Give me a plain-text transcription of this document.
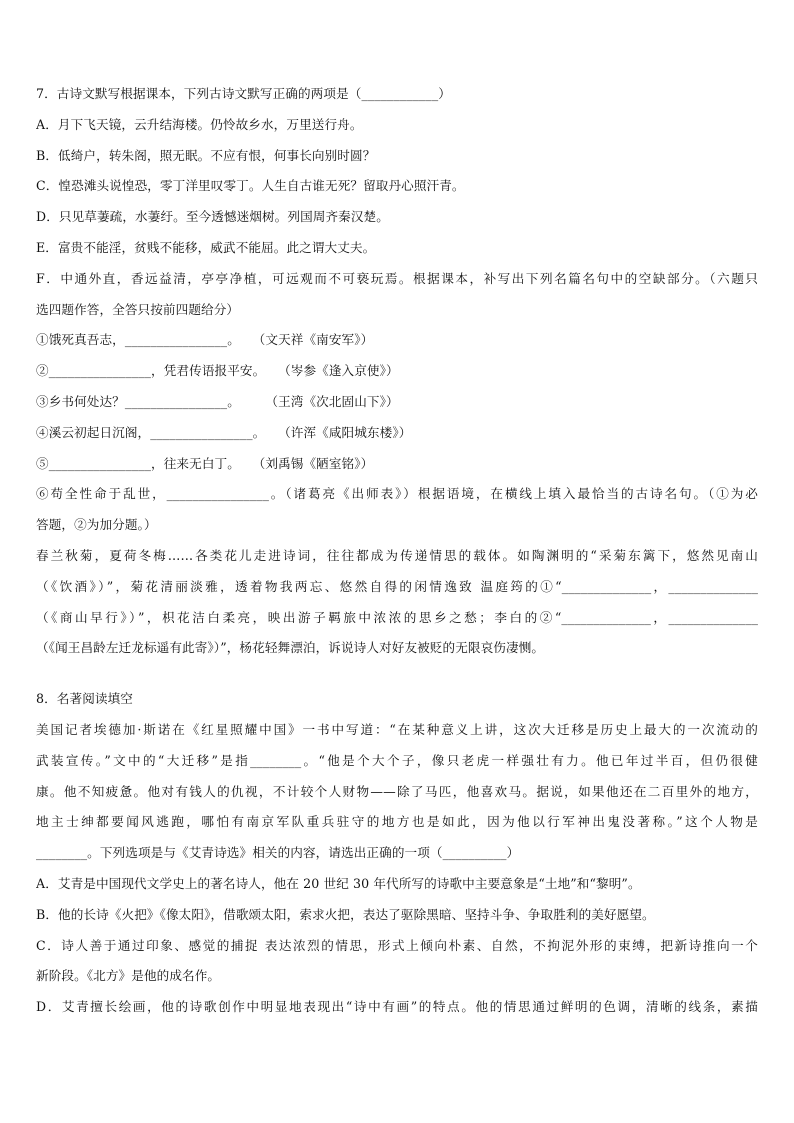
7．古诗文默写根据课本，下列古诗文默写正确的两项是（____________）
A．月下飞天镜，云升结海楼。仍怜故乡水，万里送行舟。
B．低绮户，转朱阁，照无眠。不应有恨，何事长向别时圆？
C．惶恐滩头说惶恐，零丁洋里叹零丁。人生自古谁无死？留取丹心照汗青。
D．只见草萋疏，水萋纡。至今透憾迷烟树。列国周齐秦汉楚。
E．富贵不能淫，贫贱不能移，威武不能屈。此之谓大丈夫。
F．中通外直，香远益清，亭亭净植，可远观而不可亵玩焉。根据课本，补写出下列名篇名句中的空缺部分。（六题只
选四题作答，全答只按前四题给分）
①饿死真吾志，________________。　　（文天祥《南安军》）
②________________，凭君传语报平安。　　（岑参《逢入京使》）
③乡书何处达？________________。　　　（王湾《次北固山下》）
④溪云初起日沉阁，________________。　　（许浑《咸阳城东楼》）
⑤________________，往来无白丁。　　（刘禹锡《陋室铭》）
⑥苟全性命于乱世，________________。（诸葛亮《出师表》）根据语境，在横线上填入最恰当的古诗名句。（①为必
答题，②为加分题。）
春兰秋菊，夏荷冬梅……各类花儿走进诗词，往往都成为传递情思的载体。如陶渊明的“采菊东篱下，悠然见南山
（《饮酒》）”，菊花清丽淡雅，透着物我两忘、悠然自得的闲情逸致 温庭筠的①“______________，______________
（《商山早行》）”，枳花洁白柔亮，映出游子羁旅中浓浓的思乡之愁；李白的②“______________，______________
（《闻王昌龄左迁龙标遥有此寄》）”，杨花轻舞漂泊，诉说诗人对好友被贬的无限哀伤凄恻。
8．名著阅读填空
美国记者埃德加·斯诺在《红星照耀中国》一书中写道：“在某种意义上讲，这次大迁移是历史上最大的一次流动的
武装宣传。”文中的“大迁移”是指________。“他是个大个子，像只老虎一样强壮有力。他已年过半百，但仍很健
康。他不知疲惫。他对有钱人的仇视，不计较个人财物——除了马匹，他喜欢马。据说，如果他还在二百里外的地方，
地主士绅都要闻风逃跑，哪怕有南京军队重兵驻守的地方也是如此，因为他以行军神出鬼没著称。”这个人物是
________。下列选项是与《艾青诗选》相关的内容，请选出正确的一项（__________）
A．艾青是中国现代文学史上的著名诗人，他在 20 世纪 30 年代所写的诗歌中主要意象是“土地”和“黎明”。
B．他的长诗《火把》《像太阳》，借歌颂太阳，索求火把，表达了驱除黑暗、坚持斗争、争取胜利的美好愿望。
C．诗人善于通过印象、感觉的捕捉 表达浓烈的情思，形式上倾向朴素、自然，不拘泥外形的束缚，把新诗推向一个
新阶段。《北方》是他的成名作。
D．艾青擅长绘画，他的诗歌创作中明显地表现出“诗中有画”的特点。他的情思通过鲜明的色调，清晰的线条，素描
